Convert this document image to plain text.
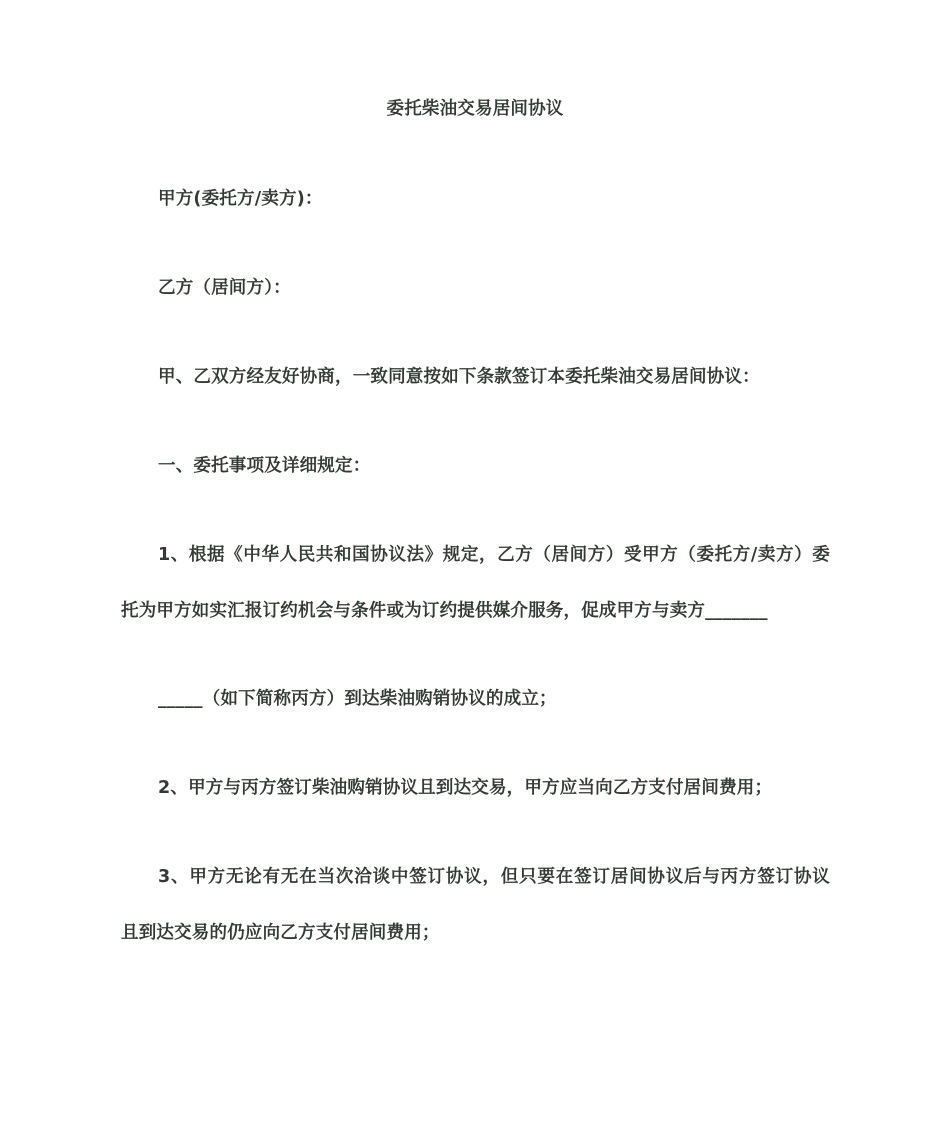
委托柴油交易居间协议
甲方(委托方/卖方)：
乙方（居间方）：
甲、乙双方经友好协商，一致同意按如下条款签订本委托柴油交易居间协议：
一、委托事项及详细规定：
1、根据《中华人民共和国协议法》规定，乙方（居间方）受甲方（委托方/卖方）委
托为甲方如实汇报订约机会与条件或为订约提供媒介服务，促成甲方与卖方_______
_____（如下简称丙方）到达柴油购销协议的成立；
2、甲方与丙方签订柴油购销协议且到达交易，甲方应当向乙方支付居间费用；
3、甲方无论有无在当次洽谈中签订协议，但只要在签订居间协议后与丙方签订协议
且到达交易的仍应向乙方支付居间费用；
